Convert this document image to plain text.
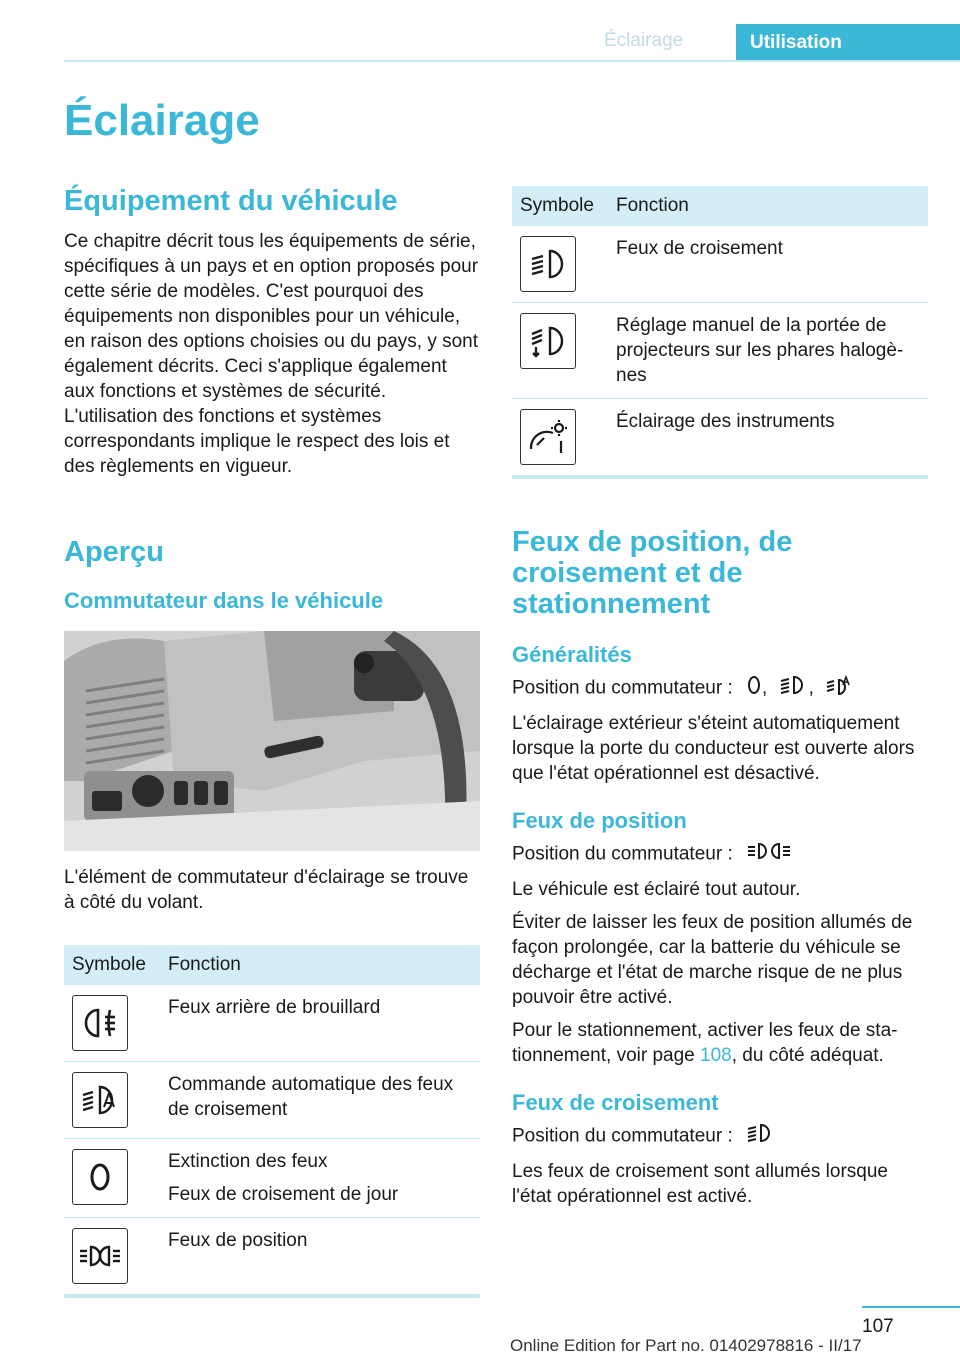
Éclairage	Utilisation
Éclairage
Équipement du véhicule

Ce chapitre décrit tous les équipements de série, spécifiques à un pays et en option proposés pour cette série de modèles. C'est pourquoi des équipements non disponibles pour un véhicule, en raison des options choisies ou du pays, y sont également décrits. Ceci s'applique également aux fonctions et systèmes de sécurité. L'utilisation des fonctions et systèmes correspondants implique le respect des lois et des règlements en vigueur.

Aperçu
Commutateur dans le véhicule

L'élément de commutateur d'éclairage se trouve à côté du volant.

Symbole	Fonction

Feux arrière de brouillard

Commande automatique des feux de croisement

Extinction des feux
Feux de croisement de jour

Feux de position
Symbole	Fonction

Feux de croisement

Réglage manuel de la portée de projecteurs sur les phares halogènes

Éclairage des instruments
Feux de position, de croisement et de stationnement
Généralités

Position du commutateur : , ,

L'éclairage extérieur s'éteint automatiquement lorsque la porte du conducteur est ouverte alors que l'état opérationnel est désactivé.

Feux de position

Position du commutateur :

Le véhicule est éclairé tout autour.

Éviter de laisser les feux de position allumés de façon prolongée, car la batterie du véhicule se décharge et l'état de marche risque de ne plus pouvoir être activé.

Pour le stationnement, activer les feux de stationnement, voir page 108, du côté adéquat.

Feux de croisement

Position du commutateur :

Les feux de croisement sont allumés lorsque l'état opérationnel est activé.

107
Online Edition for Part no. 01402978816 - II/17
